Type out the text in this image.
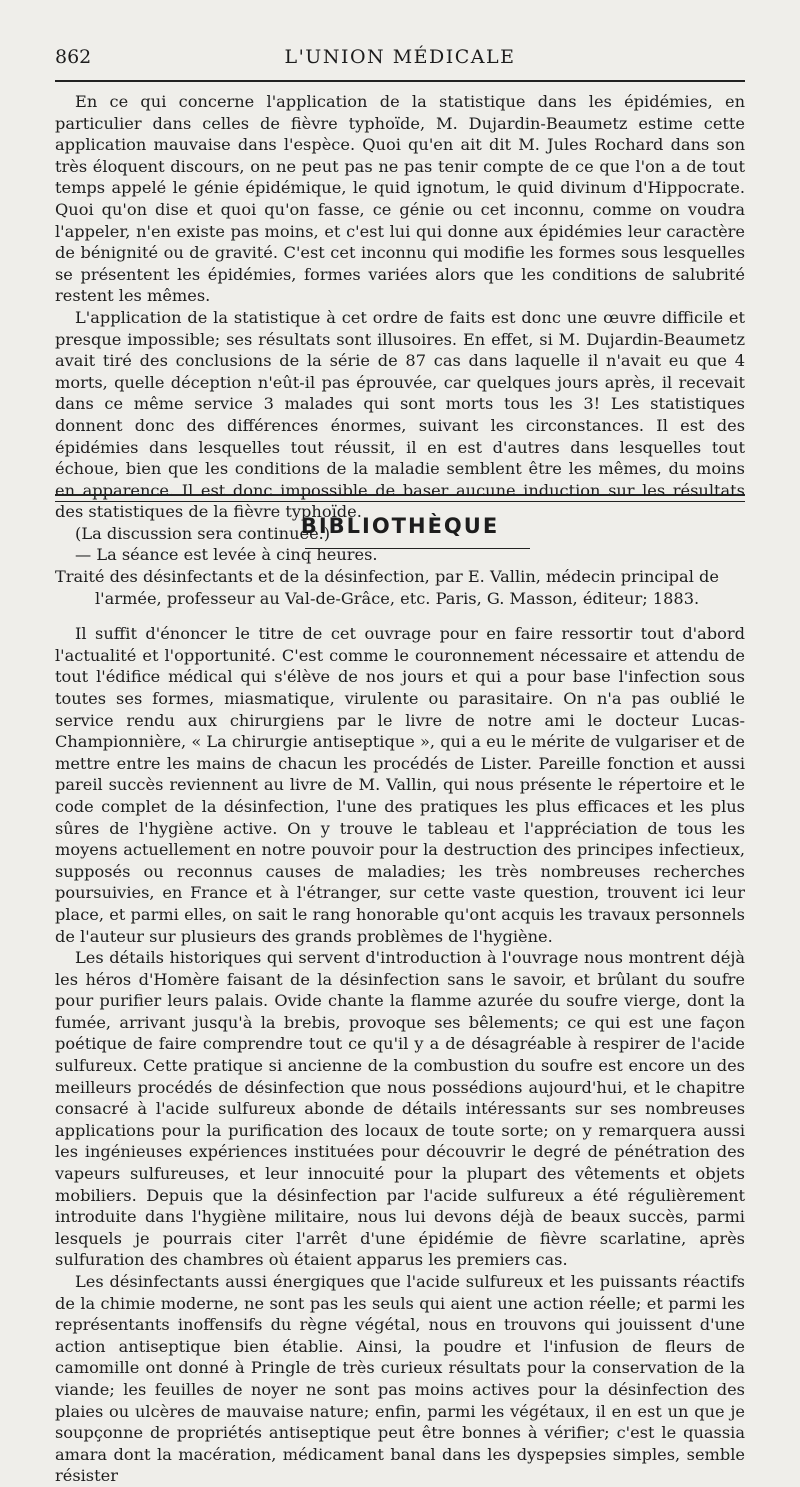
862	L'UNION MÉDICALE

En ce qui concerne l'application de la statistique dans les épidémies, en particulier dans celles de fièvre typhoïde, M. Dujardin-Beaumetz estime cette application mauvaise dans l'espèce. Quoi qu'en ait dit M. Jules Rochard dans son très éloquent discours, on ne peut pas ne pas tenir compte de ce que l'on a de tout temps appelé le génie épidémique, le quid ignotum, le quid divinum d'Hippocrate. Quoi qu'on dise et quoi qu'on fasse, ce génie ou cet inconnu, comme on voudra l'appeler, n'en existe pas moins, et c'est lui qui donne aux épidémies leur caractère de bénignité ou de gravité. C'est cet inconnu qui modifie les formes sous lesquelles se présentent les épidémies, formes variées alors que les conditions de salubrité restent les mêmes.

L'application de la statistique à cet ordre de faits est donc une œuvre difficile et presque impossible; ses résultats sont illusoires. En effet, si M. Dujardin-Beaumetz avait tiré des conclusions de la série de 87 cas dans laquelle il n'avait eu que 4 morts, quelle déception n'eût-il pas éprouvée, car quelques jours après, il recevait dans ce même service 3 malades qui sont morts tous les 3! Les statistiques donnent donc des différences énormes, suivant les circonstances. Il est des épidémies dans lesquelles tout réussit, il en est d'autres dans lesquelles tout échoue, bien que les conditions de la maladie semblent être les mêmes, du moins en apparence. Il est donc impossible de baser aucune induction sur les résultats des statistiques de la fièvre typhoïde.

(La discussion sera continuée.)
— La séance est levée à cinq heures.
BIBLIOTHÈQUE
Traité des désinfectants et de la désinfection, par E. Vallin, médecin principal de
l'armée, professeur au Val-de-Grâce, etc. Paris, G. Masson, éditeur; 1883.

Il suffit d'énoncer le titre de cet ouvrage pour en faire ressortir tout d'abord l'actualité et l'opportunité. C'est comme le couronnement nécessaire et attendu de tout l'édifice médical qui s'élève de nos jours et qui a pour base l'infection sous toutes ses formes, miasmatique, virulente ou parasitaire. On n'a pas oublié le service rendu aux chirurgiens par le livre de notre ami le docteur Lucas-Championnière, « La chirurgie antiseptique », qui a eu le mérite de vulgariser et de mettre entre les mains de chacun les procédés de Lister. Pareille fonction et aussi pareil succès reviennent au livre de M. Vallin, qui nous présente le répertoire et le code complet de la désinfection, l'une des pratiques les plus efficaces et les plus sûres de l'hygiène active. On y trouve le tableau et l'appréciation de tous les moyens actuellement en notre pouvoir pour la destruction des principes infectieux, supposés ou reconnus causes de maladies; les très nombreuses recherches poursuivies, en France et à l'étranger, sur cette vaste question, trouvent ici leur place, et parmi elles, on sait le rang honorable qu'ont acquis les travaux personnels de l'auteur sur plusieurs des grands problèmes de l'hygiène.

Les détails historiques qui servent d'introduction à l'ouvrage nous montrent déjà les héros d'Homère faisant de la désinfection sans le savoir, et brûlant du soufre pour purifier leurs palais. Ovide chante la flamme azurée du soufre vierge, dont la fumée, arrivant jusqu'à la brebis, provoque ses bêlements; ce qui est une façon poétique de faire comprendre tout ce qu'il y a de désagréable à respirer de l'acide sulfureux. Cette pratique si ancienne de la combustion du soufre est encore un des meilleurs procédés de désinfection que nous possédions aujourd'hui, et le chapitre consacré à l'acide sulfureux abonde de détails intéressants sur ses nombreuses applications pour la purification des locaux de toute sorte; on y remarquera aussi les ingénieuses expériences instituées pour découvrir le degré de pénétration des vapeurs sulfureuses, et leur innocuité pour la plupart des vêtements et objets mobiliers. Depuis que la désinfection par l'acide sulfureux a été régulièrement introduite dans l'hygiène militaire, nous lui devons déjà de beaux succès, parmi lesquels je pourrais citer l'arrêt d'une épidémie de fièvre scarlatine, après sulfuration des chambres où étaient apparus les premiers cas.

Les désinfectants aussi énergiques que l'acide sulfureux et les puissants réactifs de la chimie moderne, ne sont pas les seuls qui aient une action réelle; et parmi les représentants inoffensifs du règne végétal, nous en trouvons qui jouissent d'une action antiseptique bien établie. Ainsi, la poudre et l'infusion de fleurs de camomille ont donné à Pringle de très curieux résultats pour la conservation de la viande; les feuilles de noyer ne sont pas moins actives pour la désinfection des plaies ou ulcères de mauvaise nature; enfin, parmi les végétaux, il en est un que je soupçonne de propriétés antiseptique peut être bonnes à vérifier; c'est le quassia amara dont la macération, médicament banal dans les dyspepsies simples, semble résister
